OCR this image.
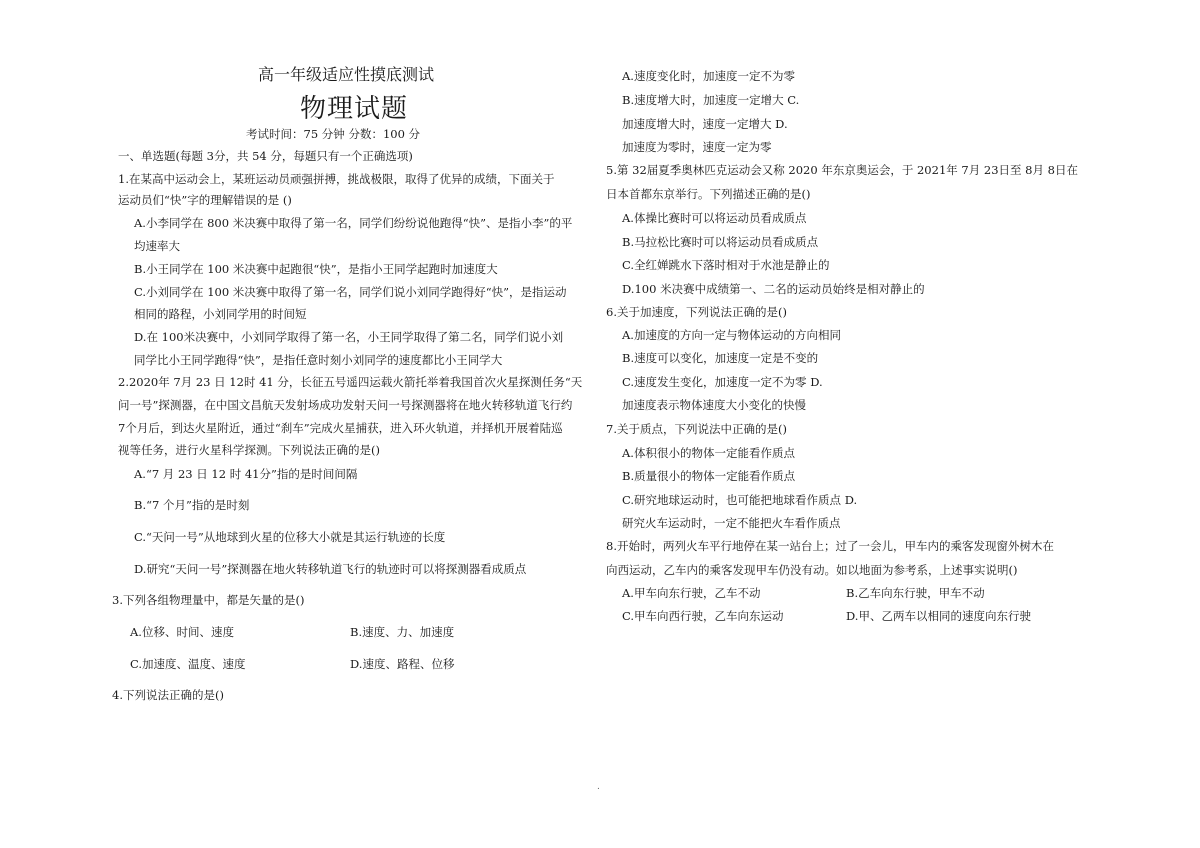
高一年级适应性摸底测试
物理试题
考试时间：75 分钟 分数：100 分
一、单选题(每题 3分，共 54 分，每题只有一个正确选项)
1.在某高中运动会上，某班运动员顽强拼搏，挑战极限，取得了优异的成绩，下面关于
运动员们“快”字的理解错误的是 ()
A.小李同学在 800 米决赛中取得了第一名，同学们纷纷说他跑得“快”、是指小李”的平
均速率大
B.小王同学在 100 米决赛中起跑很“快”，是指小王同学起跑时加速度大
C.小刘同学在 100 米决赛中取得了第一名，同学们说小刘同学跑得好“快”，是指运动
相同的路程，小刘同学用的时间短
D.在 100米决赛中，小刘同学取得了第一名，小王同学取得了第二名，同学们说小刘
同学比小王同学跑得“快”，是指任意时刻小刘同学的速度都比小王同学大
2.2020年 7月 23 日 12时 41 分，长征五号遥四运载火箭托举着我国首次火星探测任务“天
问一号”探测器，在中国文昌航天发射场成功发射天问一号探测器将在地火转移轨道飞行约
7个月后，到达火星附近，通过“刹车”完成火星捕获，进入环火轨道，并择机开展着陆巡
视等任务，进行火星科学探测。下列说法正确的是()
A.“7 月 23 日 12 时 41分”指的是时间间隔
B.“7 个月”指的是时刻
C.“天问一号”从地球到火星的位移大小就是其运行轨迹的长度
D.研究“天问一号”探测器在地火转移轨道飞行的轨迹时可以将探测器看成质点
3.下列各组物理量中，都是矢量的是()
A.位移、时间、速度	B.速度、力、加速度
C.加速度、温度、速度	D.速度、路程、位移
4.下列说法正确的是()
A.速度变化时，加速度一定不为零
B.速度增大时，加速度一定增大 C.
加速度增大时，速度一定增大 D.
加速度为零时，速度一定为零
5.第 32届夏季奥林匹克运动会又称 2020 年东京奥运会，于 2021年 7月 23日至 8月 8日在
日本首都东京举行。下列描述正确的是()
A.体操比赛时可以将运动员看成质点
B.马拉松比赛时可以将运动员看成质点
C.全红婵跳水下落时相对于水池是静止的
D.100 米决赛中成绩第一、二名的运动员始终是相对静止的
6.关于加速度，下列说法正确的是()
A.加速度的方向一定与物体运动的方向相同
B.速度可以变化，加速度一定是不变的
C.速度发生变化，加速度一定不为零 D.
加速度表示物体速度大小变化的快慢
7.关于质点，下列说法中正确的是()
A.体积很小的物体一定能看作质点
B.质量很小的物体一定能看作质点
C.研究地球运动时，也可能把地球看作质点 D.
研究火车运动时，一定不能把火车看作质点
8.开始时，两列火车平行地停在某一站台上；过了一会儿，甲车内的乘客发现窗外树木在
向西运动，乙车内的乘客发现甲车仍没有动。如以地面为参考系，上述事实说明()
A.甲车向东行驶，乙车不动	B.乙车向东行驶，甲车不动
C.甲车向西行驶，乙车向东运动	D.甲、乙两车以相同的速度向东行驶
.
